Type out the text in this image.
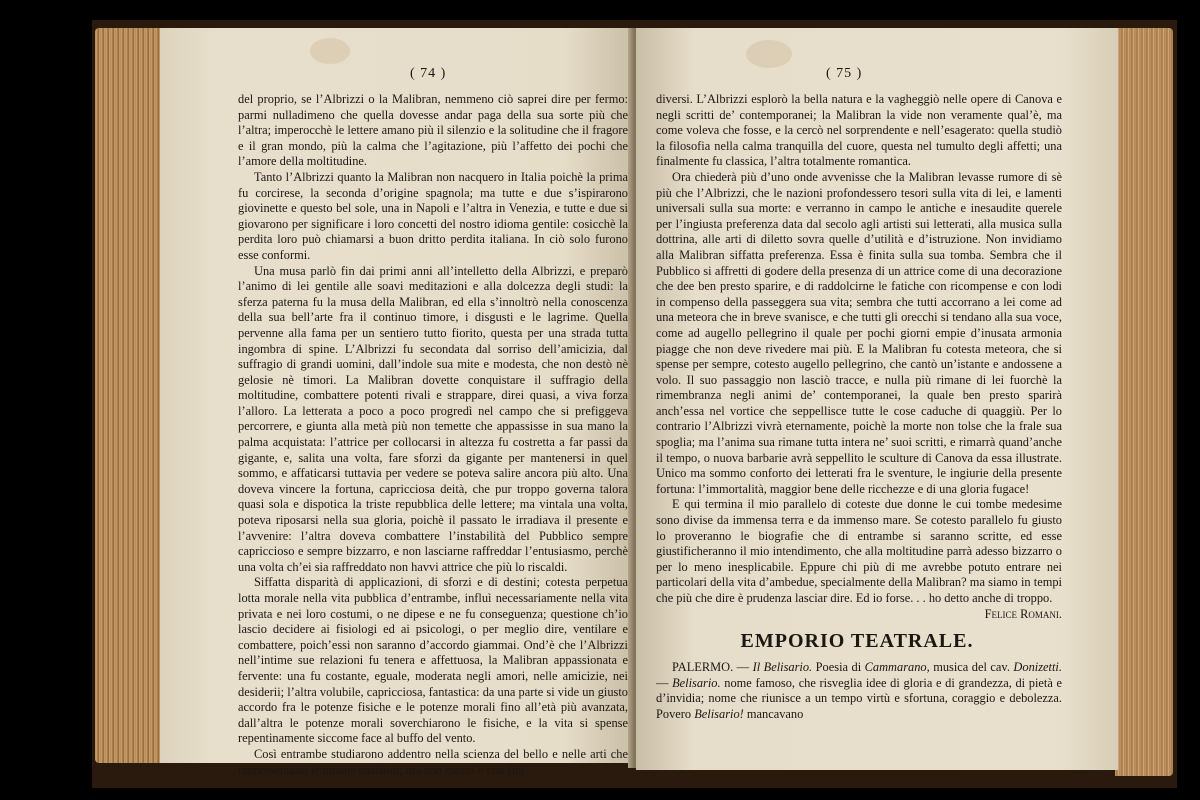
( 74 )

del proprio, se l’Albrizzi o la Malibran, nemmeno ciò saprei dire per fermo: parmi nulladimeno che quella dovesse andar paga della sua sorte più che l’altra; imperocchè le lettere amano più il silenzio e la solitudine che il fragore e il gran mondo, più la calma che l’agitazione, più l’affetto dei pochi che l’amore della moltitudine.

Tanto l’Albrizzi quanto la Malibran non nacquero in Italia poichè la prima fu corcirese, la seconda d’origine spagnola; ma tutte e due s’ispirarono giovinette e questo bel sole, una in Napoli e l’altra in Venezia, e tutte e due si giovarono per significare i loro concetti del nostro idioma gentile: cosicchè la perdita loro può chiamarsi a buon dritto perdita italiana. In ciò solo furono esse conformi.

Una musa parlò fin dai primi anni all’intelletto della Albrizzi, e preparò l’animo di lei gentile alle soavi meditazioni e alla dolcezza degli studi: la sferza paterna fu la musa della Malibran, ed ella s’innoltrò nella conoscenza della sua bell’arte fra il continuo timore, i disgusti e le lagrime. Quella pervenne alla fama per un sentiero tutto fiorito, questa per una strada tutta ingombra di spine. L’Albrizzi fu secondata dal sorriso dell’amicizia, dal suffragio di grandi uomini, dall’indole sua mite e modesta, che non destò nè gelosie nè timori. La Malibran dovette conquistare il suffragio della moltitudine, combattere potenti rivali e strappare, direi quasi, a viva forza l’alloro. La letterata a poco a poco progredì nel campo che si prefiggeva percorrere, e giunta alla metà più non temette che appassisse in sua mano la palma acquistata: l’attrice per collocarsi in altezza fu costretta a far passi da gigante, e, salita una volta, fare sforzi da gigante per mantenersi in quel sommo, e affaticarsi tuttavia per vedere se poteva salire ancora più alto. Una doveva vincere la fortuna, capricciosa deità, che pur troppo governa talora quasi sola e dispotica la triste repubblica delle lettere; ma vintala una volta, poteva riposarsi nella sua gloria, poichè il passato le irradiava il presente e l’avvenire: l’altra doveva combattere l’instabilità del Pubblico sempre capriccioso e sempre bizzarro, e non lasciarne raffreddar l’entusiasmo, perchè una volta ch’ei sia raffreddato non havvi attrice che più lo riscaldi.

Siffatta disparità di applicazioni, di sforzi e di destini; cotesta perpetua lotta morale nella vita pubblica d’entrambe, influì necessariamente nella vita privata e nei loro costumi, o ne dipese e ne fu conseguenza; questione ch’io lascio decidere ai fisiologi ed ai psicologi, o per meglio dire, ventilare e combattere, poich’essi non saranno d’accordo giammai. Ond’è che l’Albrizzi nell’intime sue relazioni fu tenera e affettuosa, la Malibran appassionata e fervente: una fu costante, eguale, moderata negli amori, nelle amicizie, nei desiderii; l’altra volubile, capricciosa, fantastica: da una parte si vide un giusto accordo fra le potenze fisiche e le potenze morali fino all’età più avanzata, dall’altra le potenze morali soverchiarono le fisiche, e la vita si spense repentinamente siccome face al buffo del vento.

Così entrambe studiarono addentro nella scienza del bello e nelle arti che rappresentano le umane passioni; ma con mezzi e con fini

( 75 )

diversi. L’Albrizzi esplorò la bella natura e la vagheggiò nelle opere di Canova e negli scritti de’ contemporanei; la Malibran la vide non veramente qual’è, ma come voleva che fosse, e la cercò nel sorprendente e nell’esagerato: quella studiò la filosofia nella calma tranquilla del cuore, questa nel tumulto degli affetti; una finalmente fu classica, l’altra totalmente romantica.

Ora chiederà più d’uno onde avvenisse che la Malibran levasse rumore di sè più che l’Albrizzi, che le nazioni profondessero tesori sulla vita di lei, e lamenti universali sulla sua morte: e verranno in campo le antiche e inesaudite querele per l’ingiusta preferenza data dal secolo agli artisti sui letterati, alla musica sulla dottrina, alle arti di diletto sovra quelle d’utilità e d’istruzione. Non invidiamo alla Malibran siffatta preferenza. Essa è finita sulla sua tomba. Sembra che il Pubblico si affretti di godere della presenza di un attrice come di una decorazione che dee ben presto sparire, e di raddolcirne le fatiche con ricompense e con lodi in compenso della passeggera sua vita; sembra che tutti accorrano a lei come ad una meteora che in breve svanisce, e che tutti gli orecchi si tendano alla sua voce, come ad augello pellegrino il quale per pochi giorni empie d’inusata armonia piagge che non deve rivedere mai più. E la Malibran fu cotesta meteora, che si spense per sempre, cotesto augello pellegrino, che cantò un’istante e andossene a volo. Il suo passaggio non lasciò tracce, e nulla più rimane di lei fuorchè la rimembranza negli animi de’ contemporanei, la quale ben presto sparirà anch’essa nel vortice che seppellisce tutte le cose caduche di quaggiù. Per lo contrario l’Albrizzi vivrà eternamente, poichè la morte non tolse che la frale sua spoglia; ma l’anima sua rimane tutta intera ne’ suoi scritti, e rimarrà quand’anche il tempo, o nuova barbarie avrà seppellito le sculture di Canova da essa illustrate. Unico ma sommo conforto dei letterati fra le sventure, le ingiurie della presente fortuna: l’immortalità, maggior bene delle ricchezze e di una gloria fugace!

E qui termina il mio parallelo di coteste due donne le cui tombe medesime sono divise da immensa terra e da immenso mare. Se cotesto parallelo fu giusto lo proveranno le biografie che di entrambe si saranno scritte, ed esse giustificheranno il mio intendimento, che alla moltitudine parrà adesso bizzarro o per lo meno inesplicabile. Eppure chi più di me avrebbe potuto entrare nei particolari della vita d’ambedue, specialmente della Malibran? ma siamo in tempi che più che dire è prudenza lasciar dire. Ed io forse. . . ho detto anche di troppo.

Felice Romani.

EMPORIO TEATRALE.

PALERMO. — Il Belisario. Poesia di Cammarano, musica del cav. Donizetti. — Belisario. nome famoso, che risveglia idee di gloria e di grandezza, di pietà e d’invidia; nome che riunisce a un tempo virtù e sfortuna, coraggio e debolezza. Povero Belisario! mancavano
